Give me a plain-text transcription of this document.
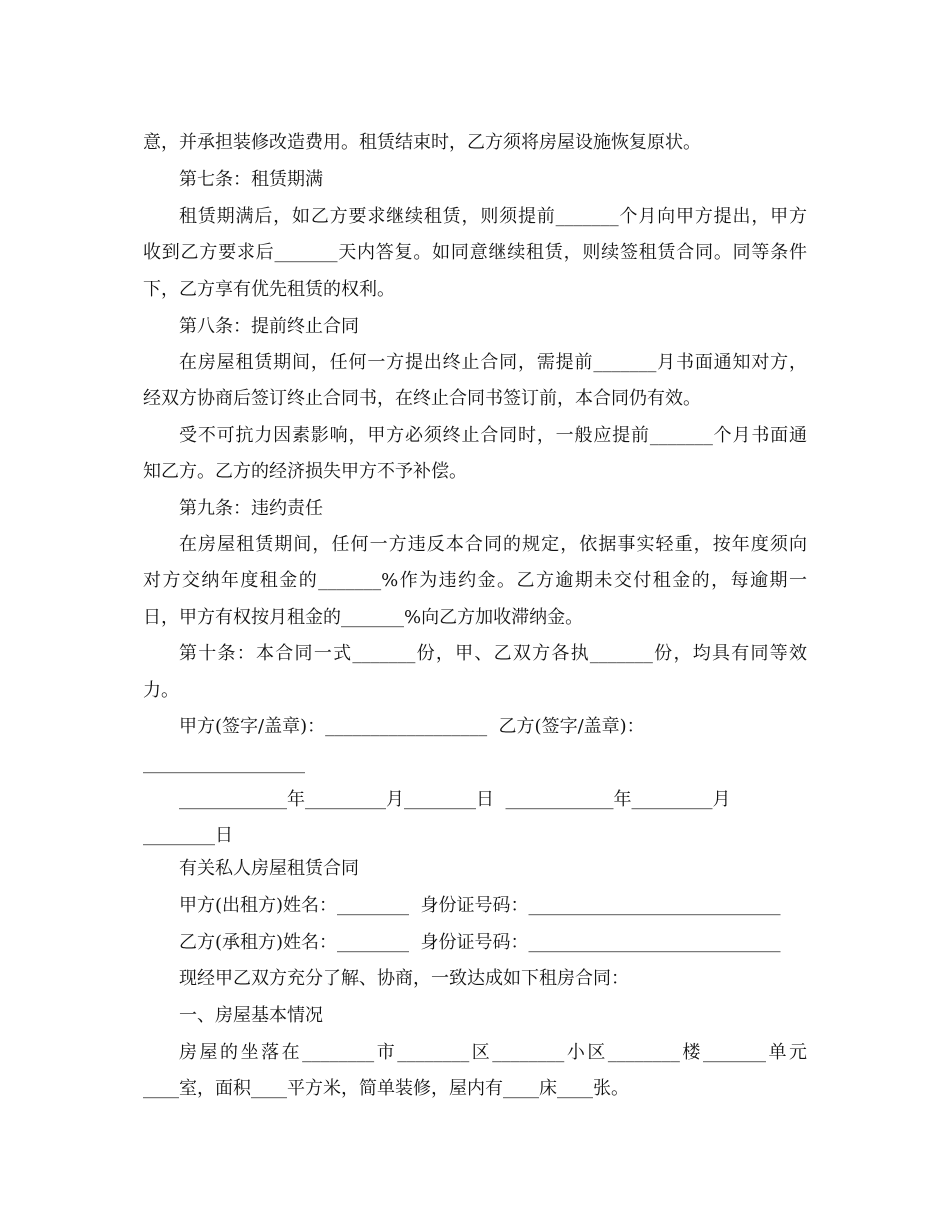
意，并承担装修改造费用。租赁结束时，乙方须将房屋设施恢复原状。
第七条：租赁期满
租赁期满后，如乙方要求继续租赁，则须提前_______个月向甲方提出，甲方
收到乙方要求后_______天内答复。如同意继续租赁，则续签租赁合同。同等条件
下，乙方享有优先租赁的权利。
第八条：提前终止合同
在房屋租赁期间，任何一方提出终止合同，需提前_______月书面通知对方，
经双方协商后签订终止合同书，在终止合同书签订前，本合同仍有效。
受不可抗力因素影响，甲方必须终止合同时，一般应提前_______个月书面通
知乙方。乙方的经济损失甲方不予补偿。
第九条：违约责任
在房屋租赁期间，任何一方违反本合同的规定，依据事实轻重，按年度须向
对方交纳年度租金的_______%作为违约金。乙方逾期未交付租金的，每逾期一
日，甲方有权按月租金的_______%向乙方加收滞纳金。
第十条：本合同一式_______份，甲、乙双方各执_______份，均具有同等效
力。
甲方(签字/盖章)：__________________  乙方(签字/盖章)：
__________________
____________年_________月________日  ____________年_________月
________日
有关私人房屋租赁合同
甲方(出租方)姓名：________  身份证号码：____________________________
乙方(承租方)姓名：________  身份证号码：____________________________
现经甲乙双方充分了解、协商，一致达成如下租房合同：
一、房屋基本情况
房屋的坐落在________市________区________小区________楼_______单元
____室，面积____平方米，简单装修，屋内有____床____张。
